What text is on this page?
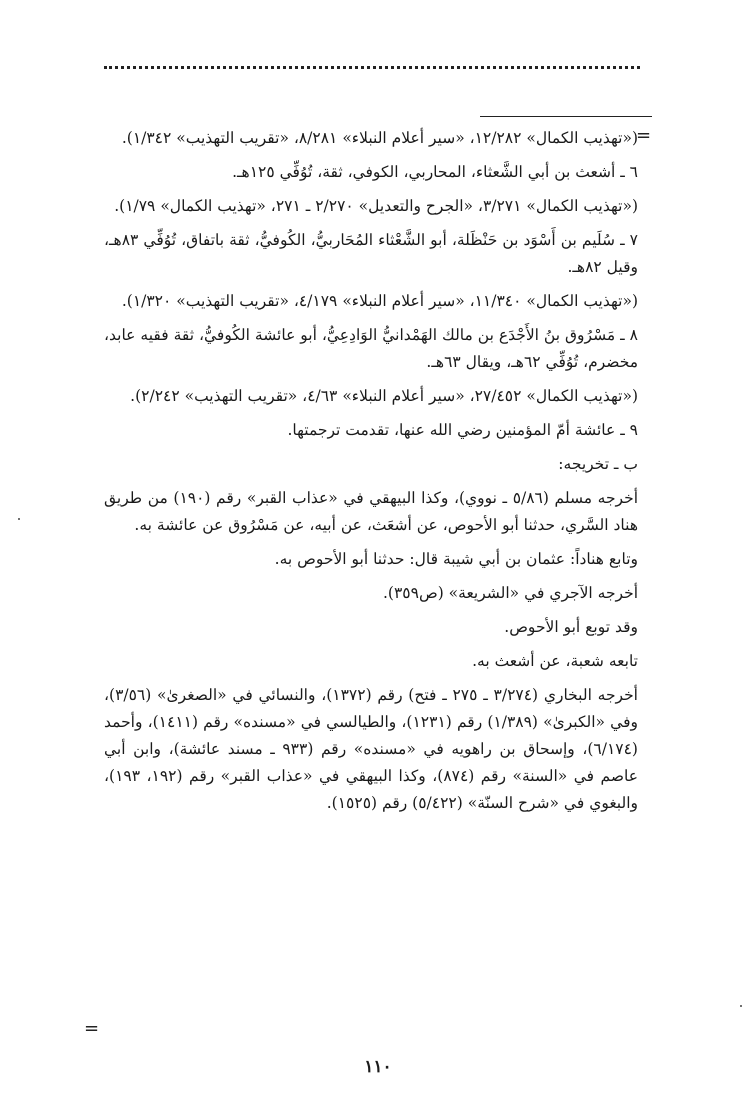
=

(«تهذيب الكمال» ١٢/٢٨٢، «سير أعلام النبلاء» ٨/٢٨١، «تقريب التهذيب» ١/٣٤٢).

٦ ـ أشعث بن أبي الشَّعثاء، المحاربي، الكوفي، ثقة، تُوُفِّي ١٢٥هـ.

(«تهذيب الكمال» ٣/٢٧١، «الجرح والتعديل» ٢/٢٧٠ ـ ٢٧١، «تهذيب الكمال» ١/٧٩).

٧ ـ سُلَيم بن أَسْوَد بن حَنْظَلة، أبو الشَّعْثاء المُحَاربيُّ، الكُوفيُّ، ثقة باتفاق، تُوُفِّي ٨٣هـ، وقيل ٨٢هـ.

(«تهذيب الكمال» ١١/٣٤٠، «سير أعلام النبلاء» ٤/١٧٩، «تقريب التهذيب» ١/٣٢٠).

٨ ـ مَسْرُوق بنُ الأَجْدَع بن مالك الهَمْدانيُّ الوَادِعِيُّ، أبو عائشة الكُوفيُّ، ثقة فقيه عابد، مخضرم، تُوُفِّي ٦٢هـ، ويقال ٦٣هـ.

(«تهذيب الكمال» ٢٧/٤٥٢، «سير أعلام النبلاء» ٤/٦٣، «تقريب التهذيب» ٢/٢٤٢).

٩ ـ عائشة أمّ المؤمنين رضي الله عنها، تقدمت ترجمتها.

ب ـ تخريجه:

أخرجه مسلم (٥/٨٦ ـ نووي)، وكذا البيهقي في «عذاب القبر» رقم (١٩٠) من طريق هناد السَّري، حدثنا أبو الأحوص، عن أشعَث، عن أبيه، عن مَسْرُوق عن عائشة به.

وتابع هناداً: عثمان بن أبي شيبة قال: حدثنا أبو الأحوص به.

أخرجه الآجري في «الشريعة» (ص٣٥٩).

وقد توبع أبو الأحوص.

تابعه شعبة، عن أشعث به.

أخرجه البخاري (٣/٢٧٤ ـ ٢٧٥ ـ فتح) رقم (١٣٧٢)، والنسائي في «الصغرىٰ» (٣/٥٦)، وفي «الكبرىٰ» (١/٣٨٩) رقم (١٢٣١)، والطيالسي في «مسنده» رقم (١٤١١)، وأحمد (٦/١٧٤)، وإسحاق بن راهويه في «مسنده» رقم (٩٣٣ ـ مسند عائشة)، وابن أبي عاصم في «السنة» رقم (٨٧٤)، وكذا البيهقي في «عذاب القبر» رقم (١٩٢، ١٩٣)، والبغوي في «شرح السنّة» (٥/٤٢٢) رقم (١٥٢٥).

=
١١٠
